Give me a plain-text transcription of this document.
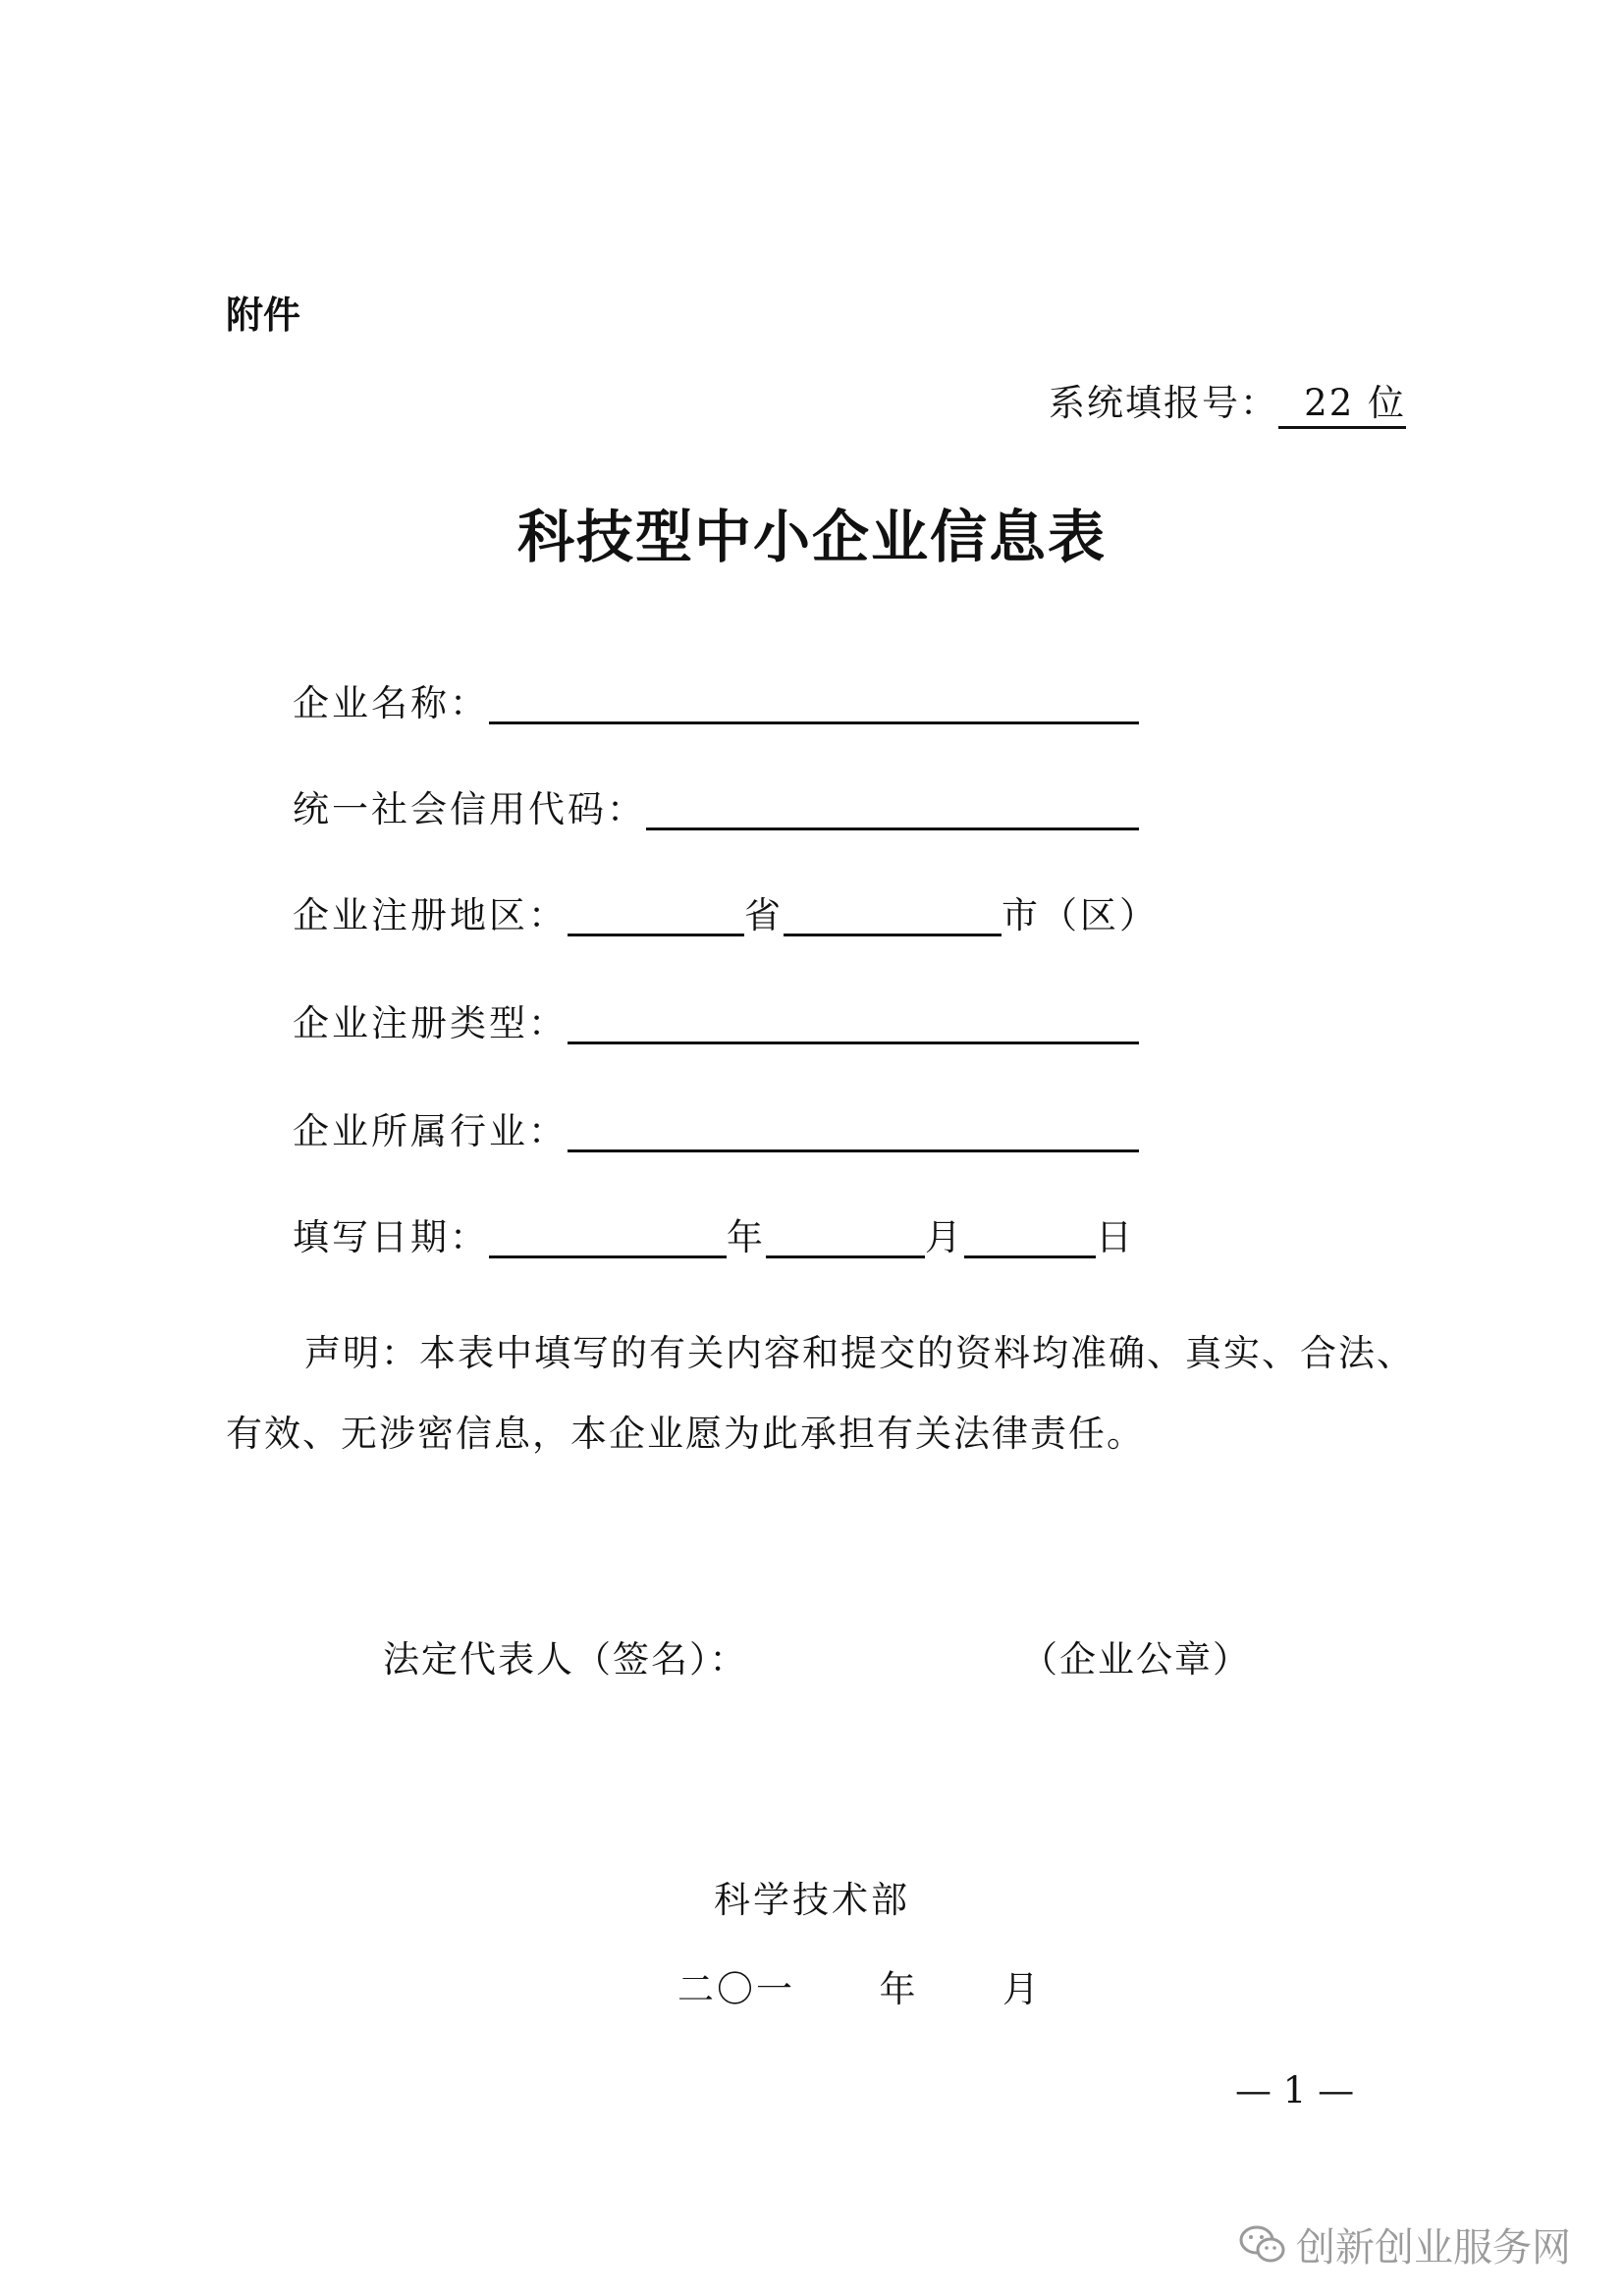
附件
系统填报号： 22 位
科技型中小企业信息表
企业名称：
统一社会信用代码：
企业注册地区：	省	市（区）
企业注册类型：
企业所属行业：
填写日期：	年	月	日
声明：本表中填写的有关内容和提交的资料均准确、真实、合法、有效、无涉密信息，本企业愿为此承担有关法律责任。
法定代表人（签名）：	（企业公章）
科学技术部
二〇一  年  月
— 1 —
创新创业服务网
